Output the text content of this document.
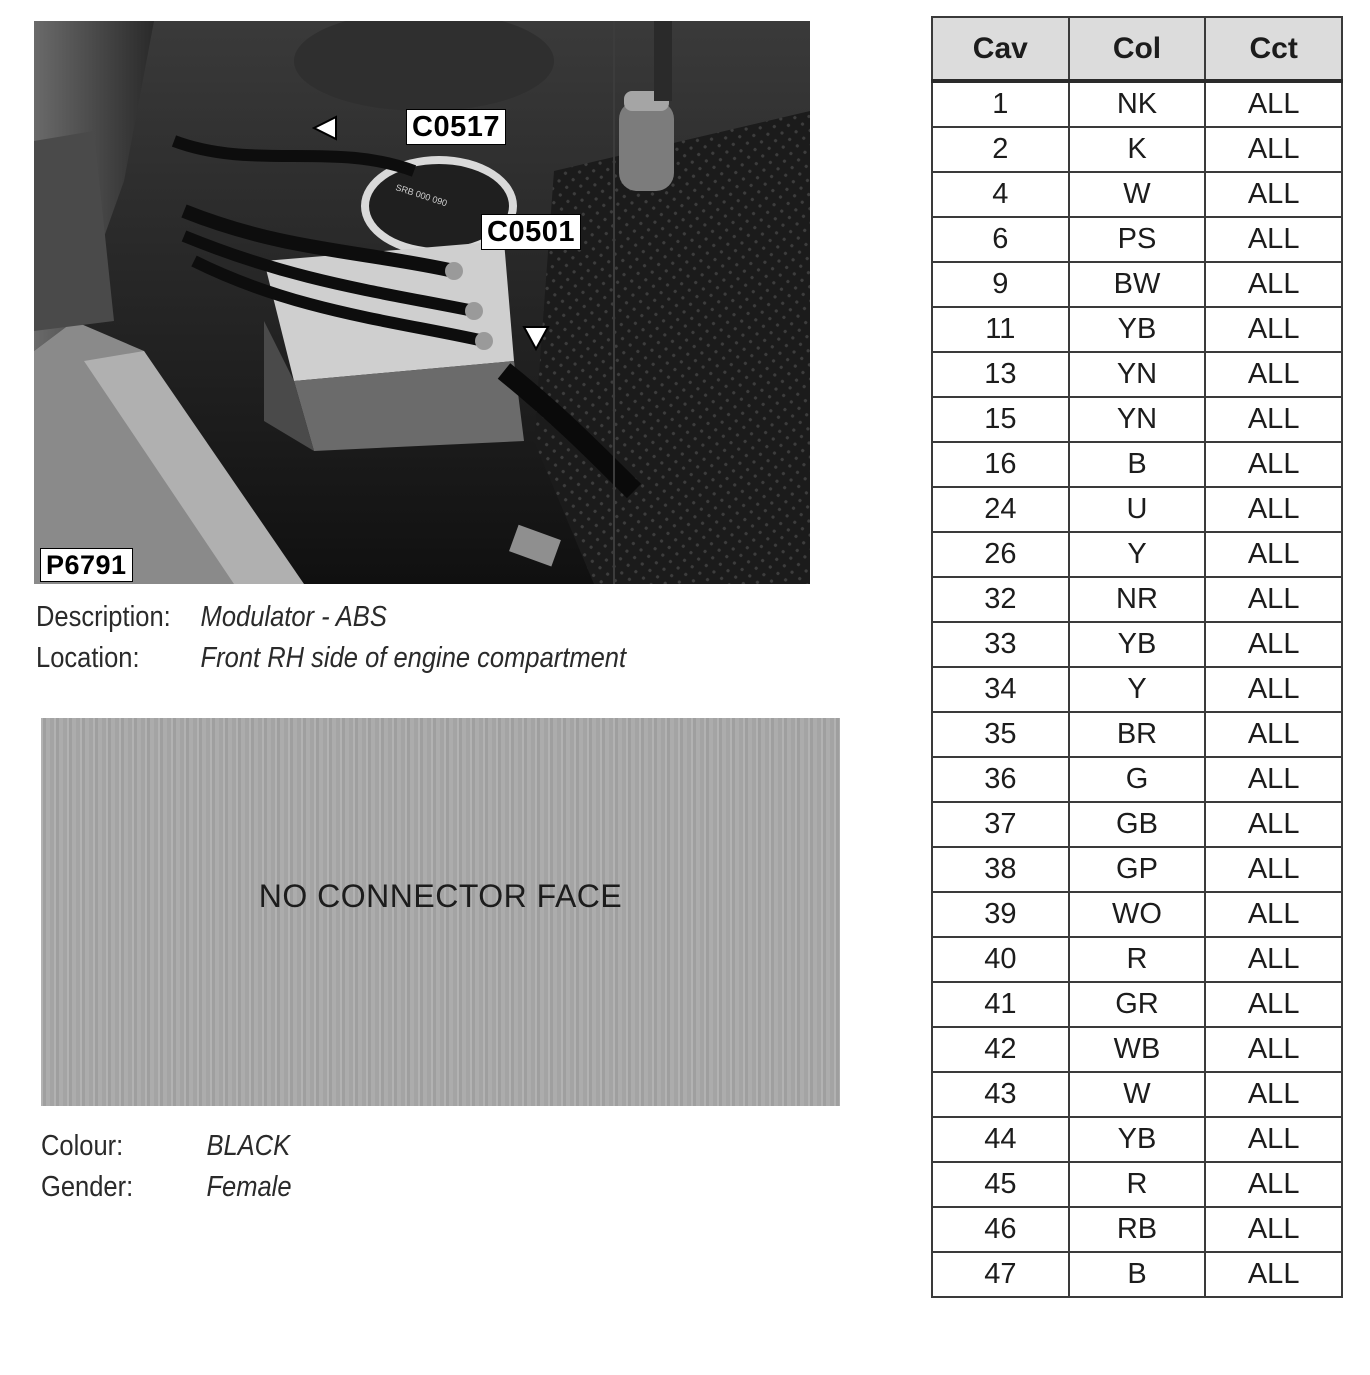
SRB 000 090
C0517
C0501
P6791
Description:	Modulator - ABS
Location:	Front RH side of engine compartment
NO CONNECTOR FACE
Colour:	BLACK
Gender:	Female
Cav	Col	Cct
1	NK	ALL
2	K	ALL
4	W	ALL
6	PS	ALL
9	BW	ALL
11	YB	ALL
13	YN	ALL
15	YN	ALL
16	B	ALL
24	U	ALL
26	Y	ALL
32	NR	ALL
33	YB	ALL
34	Y	ALL
35	BR	ALL
36	G	ALL
37	GB	ALL
38	GP	ALL
39	WO	ALL
40	R	ALL
41	GR	ALL
42	WB	ALL
43	W	ALL
44	YB	ALL
45	R	ALL
46	RB	ALL
47	B	ALL
